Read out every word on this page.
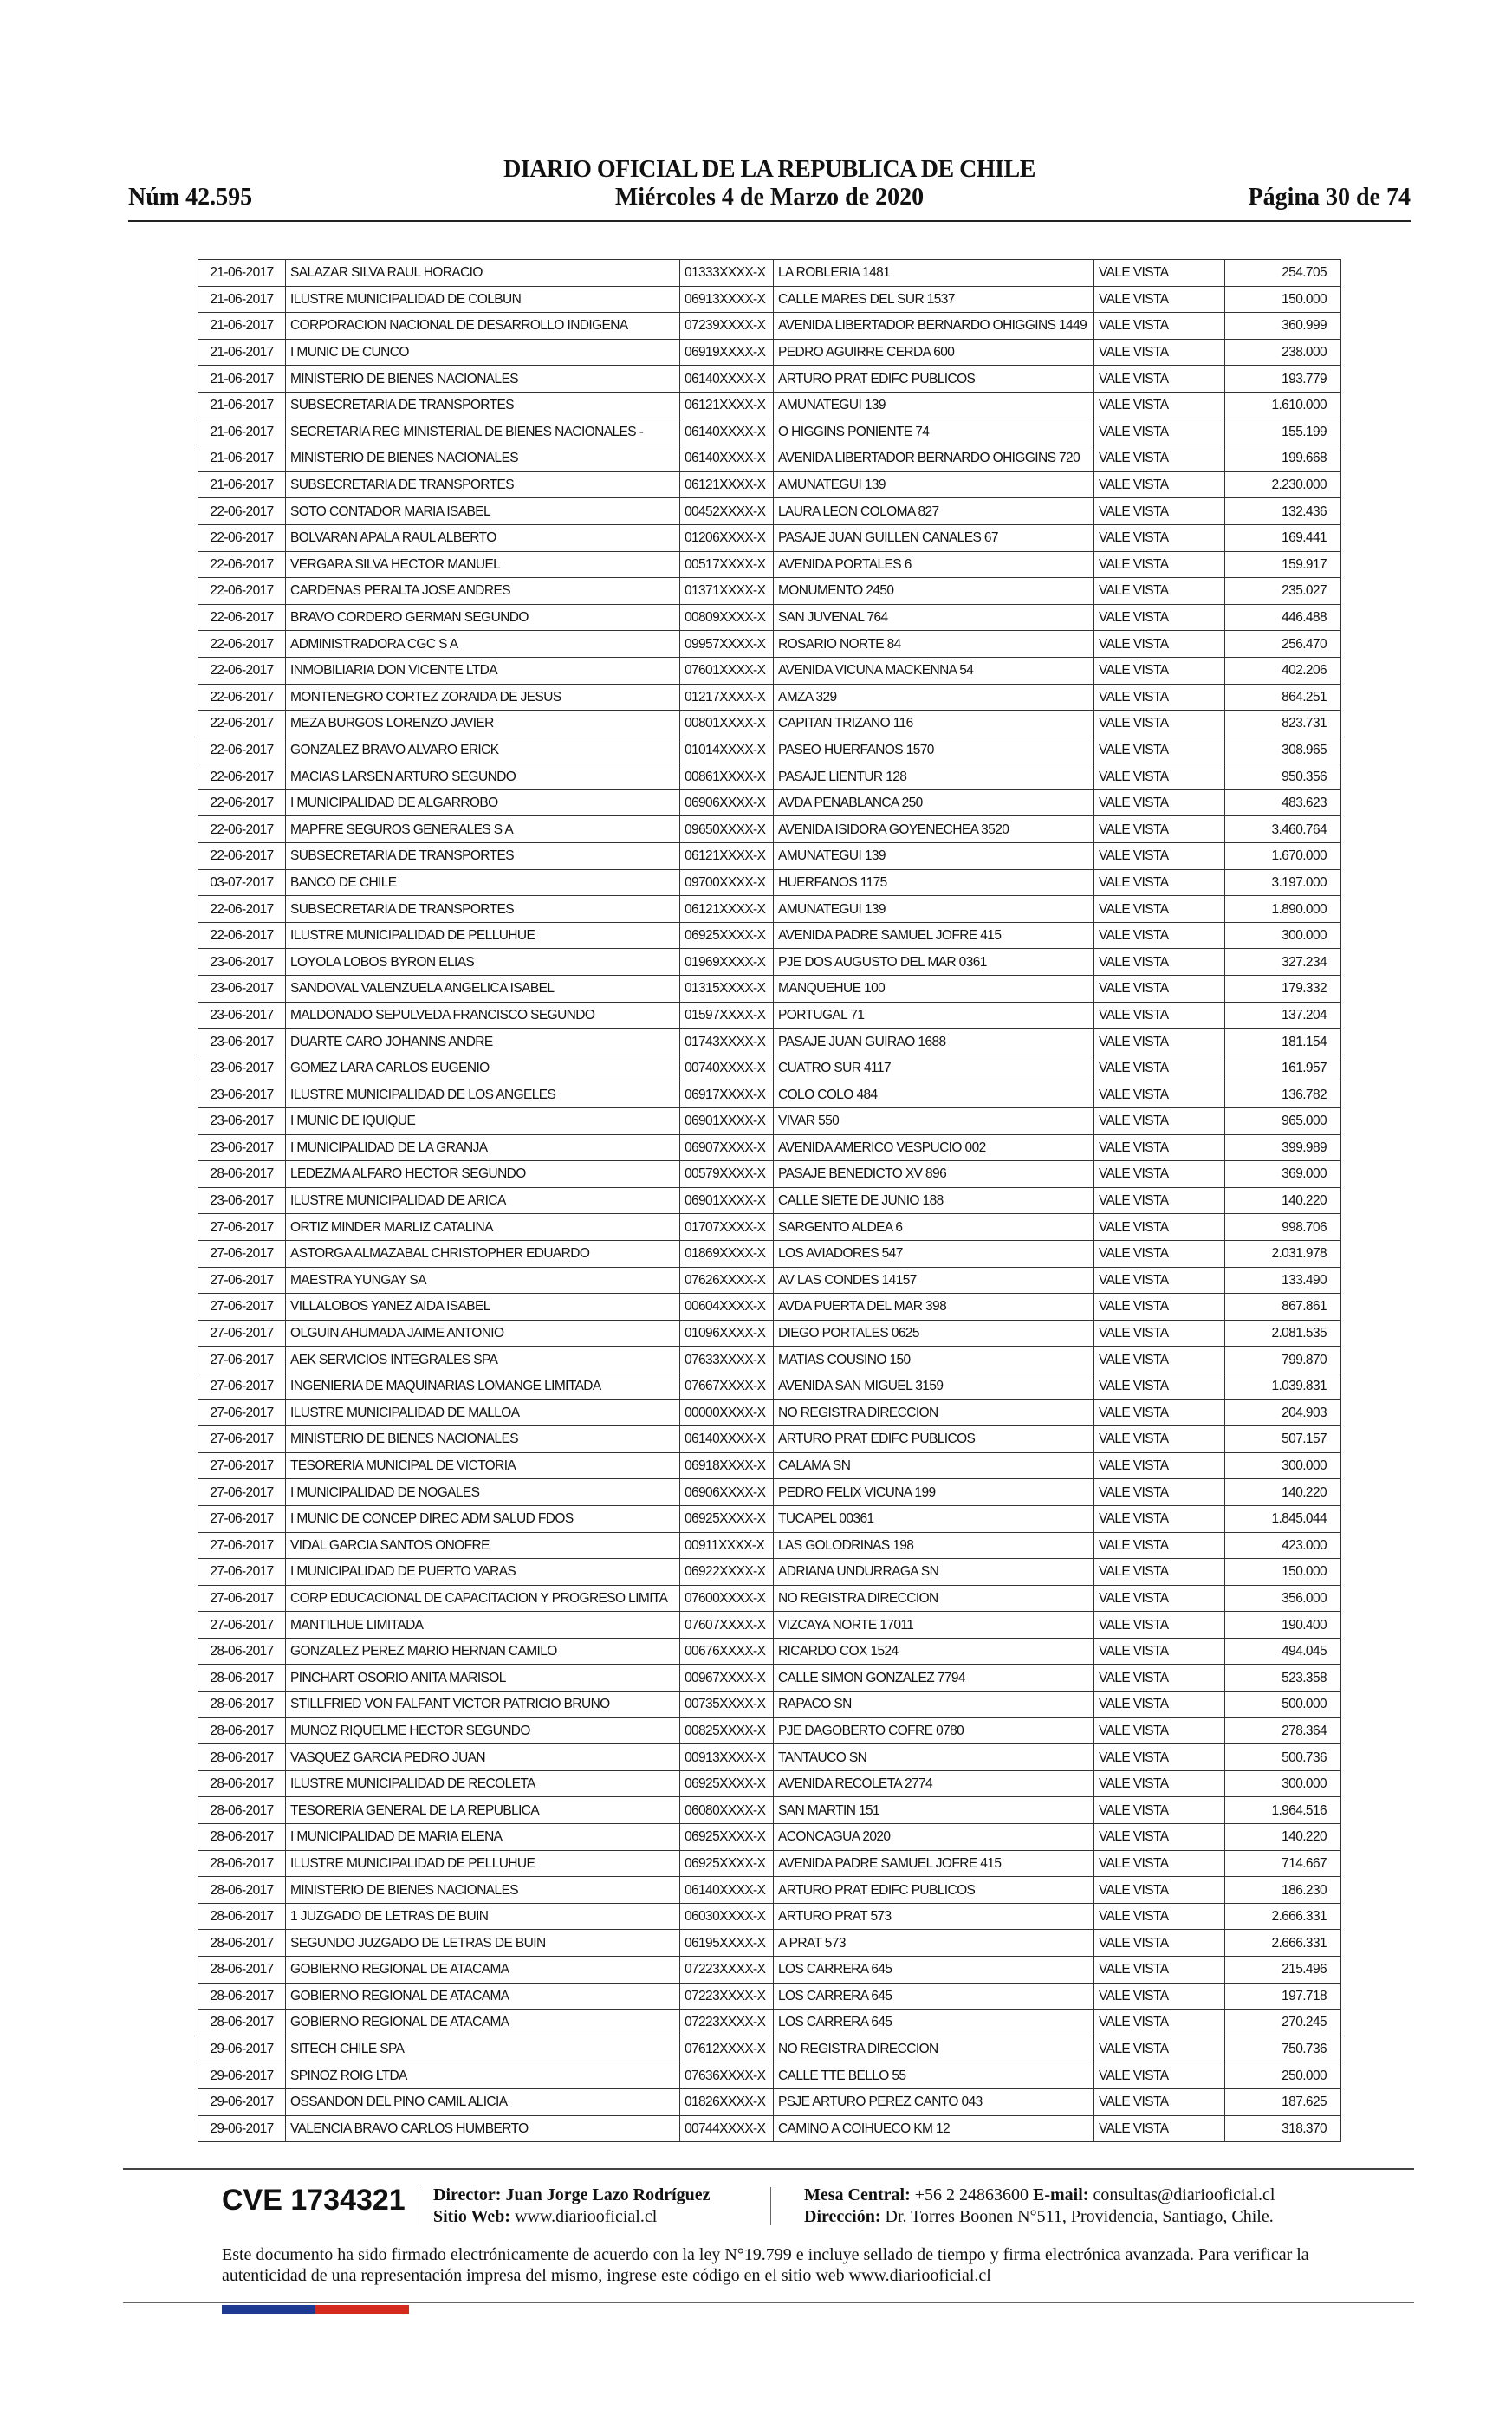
DIARIO OFICIAL DE LA REPUBLICA DE CHILE
Núm 42.595	Miércoles 4 de Marzo de 2020	Página 30 de 74
21-06-2017	SALAZAR SILVA RAUL HORACIO	01333XXXX-X	LA ROBLERIA 1481	VALE VISTA	254.705
21-06-2017	ILUSTRE MUNICIPALIDAD DE COLBUN	06913XXXX-X	CALLE MARES DEL SUR 1537	VALE VISTA	150.000
21-06-2017	CORPORACION NACIONAL DE DESARROLLO INDIGENA	07239XXXX-X	AVENIDA LIBERTADOR BERNARDO OHIGGINS 1449	VALE VISTA	360.999
21-06-2017	I MUNIC DE CUNCO	06919XXXX-X	PEDRO AGUIRRE CERDA 600	VALE VISTA	238.000
21-06-2017	MINISTERIO DE BIENES NACIONALES	06140XXXX-X	ARTURO PRAT EDIFC PUBLICOS	VALE VISTA	193.779
21-06-2017	SUBSECRETARIA DE TRANSPORTES	06121XXXX-X	AMUNATEGUI 139	VALE VISTA	1.610.000
21-06-2017	SECRETARIA REG MINISTERIAL DE BIENES NACIONALES -	06140XXXX-X	O HIGGINS PONIENTE 74	VALE VISTA	155.199
21-06-2017	MINISTERIO DE BIENES NACIONALES	06140XXXX-X	AVENIDA LIBERTADOR BERNARDO OHIGGINS 720	VALE VISTA	199.668
21-06-2017	SUBSECRETARIA DE TRANSPORTES	06121XXXX-X	AMUNATEGUI 139	VALE VISTA	2.230.000
22-06-2017	SOTO CONTADOR MARIA ISABEL	00452XXXX-X	LAURA LEON COLOMA 827	VALE VISTA	132.436
22-06-2017	BOLVARAN APALA RAUL ALBERTO	01206XXXX-X	PASAJE JUAN GUILLEN CANALES 67	VALE VISTA	169.441
22-06-2017	VERGARA SILVA HECTOR MANUEL	00517XXXX-X	AVENIDA PORTALES 6	VALE VISTA	159.917
22-06-2017	CARDENAS PERALTA JOSE ANDRES	01371XXXX-X	MONUMENTO 2450	VALE VISTA	235.027
22-06-2017	BRAVO CORDERO GERMAN SEGUNDO	00809XXXX-X	SAN JUVENAL 764	VALE VISTA	446.488
22-06-2017	ADMINISTRADORA CGC S A	09957XXXX-X	ROSARIO NORTE 84	VALE VISTA	256.470
22-06-2017	INMOBILIARIA DON VICENTE LTDA	07601XXXX-X	AVENIDA VICUNA MACKENNA 54	VALE VISTA	402.206
22-06-2017	MONTENEGRO CORTEZ ZORAIDA DE JESUS	01217XXXX-X	AMZA 329	VALE VISTA	864.251
22-06-2017	MEZA BURGOS LORENZO JAVIER	00801XXXX-X	CAPITAN TRIZANO 116	VALE VISTA	823.731
22-06-2017	GONZALEZ BRAVO ALVARO ERICK	01014XXXX-X	PASEO HUERFANOS 1570	VALE VISTA	308.965
22-06-2017	MACIAS LARSEN ARTURO SEGUNDO	00861XXXX-X	PASAJE LIENTUR 128	VALE VISTA	950.356
22-06-2017	I MUNICIPALIDAD DE ALGARROBO	06906XXXX-X	AVDA PENABLANCA 250	VALE VISTA	483.623
22-06-2017	MAPFRE SEGUROS GENERALES S A	09650XXXX-X	AVENIDA ISIDORA GOYENECHEA 3520	VALE VISTA	3.460.764
22-06-2017	SUBSECRETARIA DE TRANSPORTES	06121XXXX-X	AMUNATEGUI 139	VALE VISTA	1.670.000
03-07-2017	BANCO DE CHILE	09700XXXX-X	HUERFANOS 1175	VALE VISTA	3.197.000
22-06-2017	SUBSECRETARIA DE TRANSPORTES	06121XXXX-X	AMUNATEGUI 139	VALE VISTA	1.890.000
22-06-2017	ILUSTRE MUNICIPALIDAD DE PELLUHUE	06925XXXX-X	AVENIDA PADRE SAMUEL JOFRE 415	VALE VISTA	300.000
23-06-2017	LOYOLA LOBOS BYRON ELIAS	01969XXXX-X	PJE DOS AUGUSTO DEL MAR 0361	VALE VISTA	327.234
23-06-2017	SANDOVAL VALENZUELA ANGELICA ISABEL	01315XXXX-X	MANQUEHUE 100	VALE VISTA	179.332
23-06-2017	MALDONADO SEPULVEDA FRANCISCO SEGUNDO	01597XXXX-X	PORTUGAL 71	VALE VISTA	137.204
23-06-2017	DUARTE CARO JOHANNS ANDRE	01743XXXX-X	PASAJE JUAN GUIRAO 1688	VALE VISTA	181.154
23-06-2017	GOMEZ LARA CARLOS EUGENIO	00740XXXX-X	CUATRO SUR 4117	VALE VISTA	161.957
23-06-2017	ILUSTRE MUNICIPALIDAD DE LOS ANGELES	06917XXXX-X	COLO COLO 484	VALE VISTA	136.782
23-06-2017	I MUNIC DE IQUIQUE	06901XXXX-X	VIVAR 550	VALE VISTA	965.000
23-06-2017	I MUNICIPALIDAD DE LA GRANJA	06907XXXX-X	AVENIDA AMERICO VESPUCIO 002	VALE VISTA	399.989
28-06-2017	LEDEZMA ALFARO HECTOR SEGUNDO	00579XXXX-X	PASAJE BENEDICTO XV 896	VALE VISTA	369.000
23-06-2017	ILUSTRE MUNICIPALIDAD DE ARICA	06901XXXX-X	CALLE SIETE DE JUNIO 188	VALE VISTA	140.220
27-06-2017	ORTIZ MINDER MARLIZ CATALINA	01707XXXX-X	SARGENTO ALDEA 6	VALE VISTA	998.706
27-06-2017	ASTORGA ALMAZABAL CHRISTOPHER EDUARDO	01869XXXX-X	LOS AVIADORES 547	VALE VISTA	2.031.978
27-06-2017	MAESTRA YUNGAY SA	07626XXXX-X	AV LAS CONDES 14157	VALE VISTA	133.490
27-06-2017	VILLALOBOS YANEZ AIDA ISABEL	00604XXXX-X	AVDA PUERTA DEL MAR 398	VALE VISTA	867.861
27-06-2017	OLGUIN AHUMADA JAIME ANTONIO	01096XXXX-X	DIEGO PORTALES 0625	VALE VISTA	2.081.535
27-06-2017	AEK SERVICIOS INTEGRALES SPA	07633XXXX-X	MATIAS COUSINO 150	VALE VISTA	799.870
27-06-2017	INGENIERIA DE MAQUINARIAS LOMANGE LIMITADA	07667XXXX-X	AVENIDA SAN MIGUEL 3159	VALE VISTA	1.039.831
27-06-2017	ILUSTRE MUNICIPALIDAD DE MALLOA	00000XXXX-X	NO REGISTRA DIRECCION	VALE VISTA	204.903
27-06-2017	MINISTERIO DE BIENES NACIONALES	06140XXXX-X	ARTURO PRAT EDIFC PUBLICOS	VALE VISTA	507.157
27-06-2017	TESORERIA MUNICIPAL DE VICTORIA	06918XXXX-X	CALAMA SN	VALE VISTA	300.000
27-06-2017	I MUNICIPALIDAD DE NOGALES	06906XXXX-X	PEDRO FELIX VICUNA 199	VALE VISTA	140.220
27-06-2017	I MUNIC DE CONCEP DIREC ADM SALUD FDOS	06925XXXX-X	TUCAPEL 00361	VALE VISTA	1.845.044
27-06-2017	VIDAL GARCIA SANTOS ONOFRE	00911XXXX-X	LAS GOLODRINAS 198	VALE VISTA	423.000
27-06-2017	I MUNICIPALIDAD DE PUERTO VARAS	06922XXXX-X	ADRIANA UNDURRAGA SN	VALE VISTA	150.000
27-06-2017	CORP EDUCACIONAL DE CAPACITACION Y PROGRESO LIMITA	07600XXXX-X	NO REGISTRA DIRECCION	VALE VISTA	356.000
27-06-2017	MANTILHUE LIMITADA	07607XXXX-X	VIZCAYA NORTE 17011	VALE VISTA	190.400
28-06-2017	GONZALEZ PEREZ MARIO HERNAN CAMILO	00676XXXX-X	RICARDO COX 1524	VALE VISTA	494.045
28-06-2017	PINCHART OSORIO ANITA MARISOL	00967XXXX-X	CALLE SIMON GONZALEZ 7794	VALE VISTA	523.358
28-06-2017	STILLFRIED VON FALFANT VICTOR PATRICIO BRUNO	00735XXXX-X	RAPACO SN	VALE VISTA	500.000
28-06-2017	MUNOZ RIQUELME HECTOR SEGUNDO	00825XXXX-X	PJE DAGOBERTO COFRE 0780	VALE VISTA	278.364
28-06-2017	VASQUEZ GARCIA PEDRO JUAN	00913XXXX-X	TANTAUCO SN	VALE VISTA	500.736
28-06-2017	ILUSTRE MUNICIPALIDAD DE RECOLETA	06925XXXX-X	AVENIDA RECOLETA 2774	VALE VISTA	300.000
28-06-2017	TESORERIA GENERAL DE LA REPUBLICA	06080XXXX-X	SAN MARTIN 151	VALE VISTA	1.964.516
28-06-2017	I MUNICIPALIDAD DE MARIA ELENA	06925XXXX-X	ACONCAGUA 2020	VALE VISTA	140.220
28-06-2017	ILUSTRE MUNICIPALIDAD DE PELLUHUE	06925XXXX-X	AVENIDA PADRE SAMUEL JOFRE 415	VALE VISTA	714.667
28-06-2017	MINISTERIO DE BIENES NACIONALES	06140XXXX-X	ARTURO PRAT EDIFC PUBLICOS	VALE VISTA	186.230
28-06-2017	1 JUZGADO DE LETRAS DE BUIN	06030XXXX-X	ARTURO PRAT 573	VALE VISTA	2.666.331
28-06-2017	SEGUNDO JUZGADO DE LETRAS DE BUIN	06195XXXX-X	A PRAT 573	VALE VISTA	2.666.331
28-06-2017	GOBIERNO REGIONAL DE ATACAMA	07223XXXX-X	LOS CARRERA 645	VALE VISTA	215.496
28-06-2017	GOBIERNO REGIONAL DE ATACAMA	07223XXXX-X	LOS CARRERA 645	VALE VISTA	197.718
28-06-2017	GOBIERNO REGIONAL DE ATACAMA	07223XXXX-X	LOS CARRERA 645	VALE VISTA	270.245
29-06-2017	SITECH CHILE SPA	07612XXXX-X	NO REGISTRA DIRECCION	VALE VISTA	750.736
29-06-2017	SPINOZ ROIG LTDA	07636XXXX-X	CALLE TTE BELLO 55	VALE VISTA	250.000
29-06-2017	OSSANDON DEL PINO CAMIL ALICIA	01826XXXX-X	PSJE ARTURO PEREZ CANTO 043	VALE VISTA	187.625
29-06-2017	VALENCIA BRAVO CARLOS HUMBERTO	00744XXXX-X	CAMINO A COIHUECO KM 12	VALE VISTA	318.370
CVE 1734321 Director: Juan Jorge Lazo Rodríguez
Sitio Web: www.diariooficial.cl
Mesa Central: +56 2 24863600 E-mail: consultas@diariooficial.cl
Dirección: Dr. Torres Boonen N°511, Providencia, Santiago, Chile.
Este documento ha sido firmado electrónicamente de acuerdo con la ley N°19.799 e incluye sellado de tiempo y firma electrónica avanzada. Para verificar la autenticidad de una representación impresa del mismo, ingrese este código en el sitio web www.diariooficial.cl
